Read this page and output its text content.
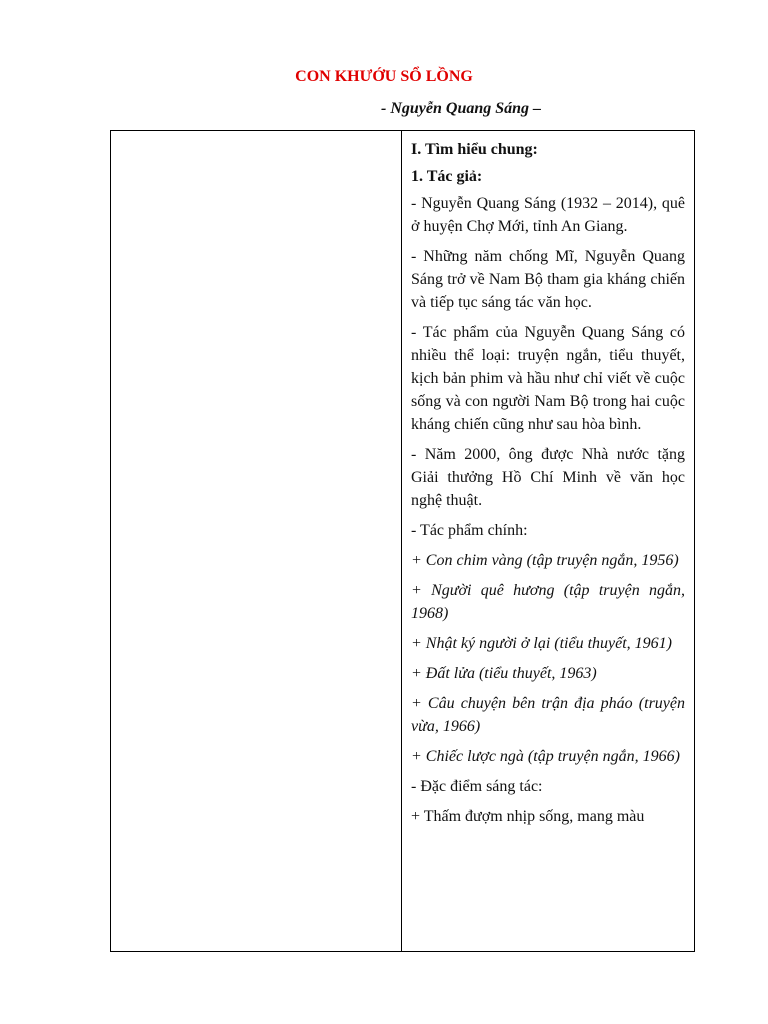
CON KHƯỚU SỔ LỒNG

- Nguyễn Quang Sáng –

I. Tìm hiểu chung:

1. Tác giả:

- Nguyễn Quang Sáng (1932 – 2014), quê ở huyện Chợ Mới, tỉnh An Giang.

- Những năm chống Mĩ, Nguyễn Quang Sáng trở về Nam Bộ tham gia kháng chiến và tiếp tục sáng tác văn học.

- Tác phẩm của Nguyễn Quang Sáng có nhiều thể loại: truyện ngắn, tiểu thuyết, kịch bản phim và hầu như chỉ viết về cuộc sống và con người Nam Bộ trong hai cuộc kháng chiến cũng như sau hòa bình.

- Năm 2000, ông được Nhà nước tặng Giải thưởng Hồ Chí Minh về văn học nghệ thuật.

- Tác phẩm chính:

+ Con chim vàng (tập truyện ngắn, 1956)

+ Người quê hương (tập truyện ngắn, 1968)

+ Nhật ký người ở lại (tiểu thuyết, 1961)

+ Đất lửa (tiểu thuyết, 1963)

+ Câu chuyện bên trận địa pháo (truyện vừa, 1966)

+ Chiếc lược ngà (tập truyện ngắn, 1966)

- Đặc điểm sáng tác:

+ Thấm đượm nhịp sống, mang màu
